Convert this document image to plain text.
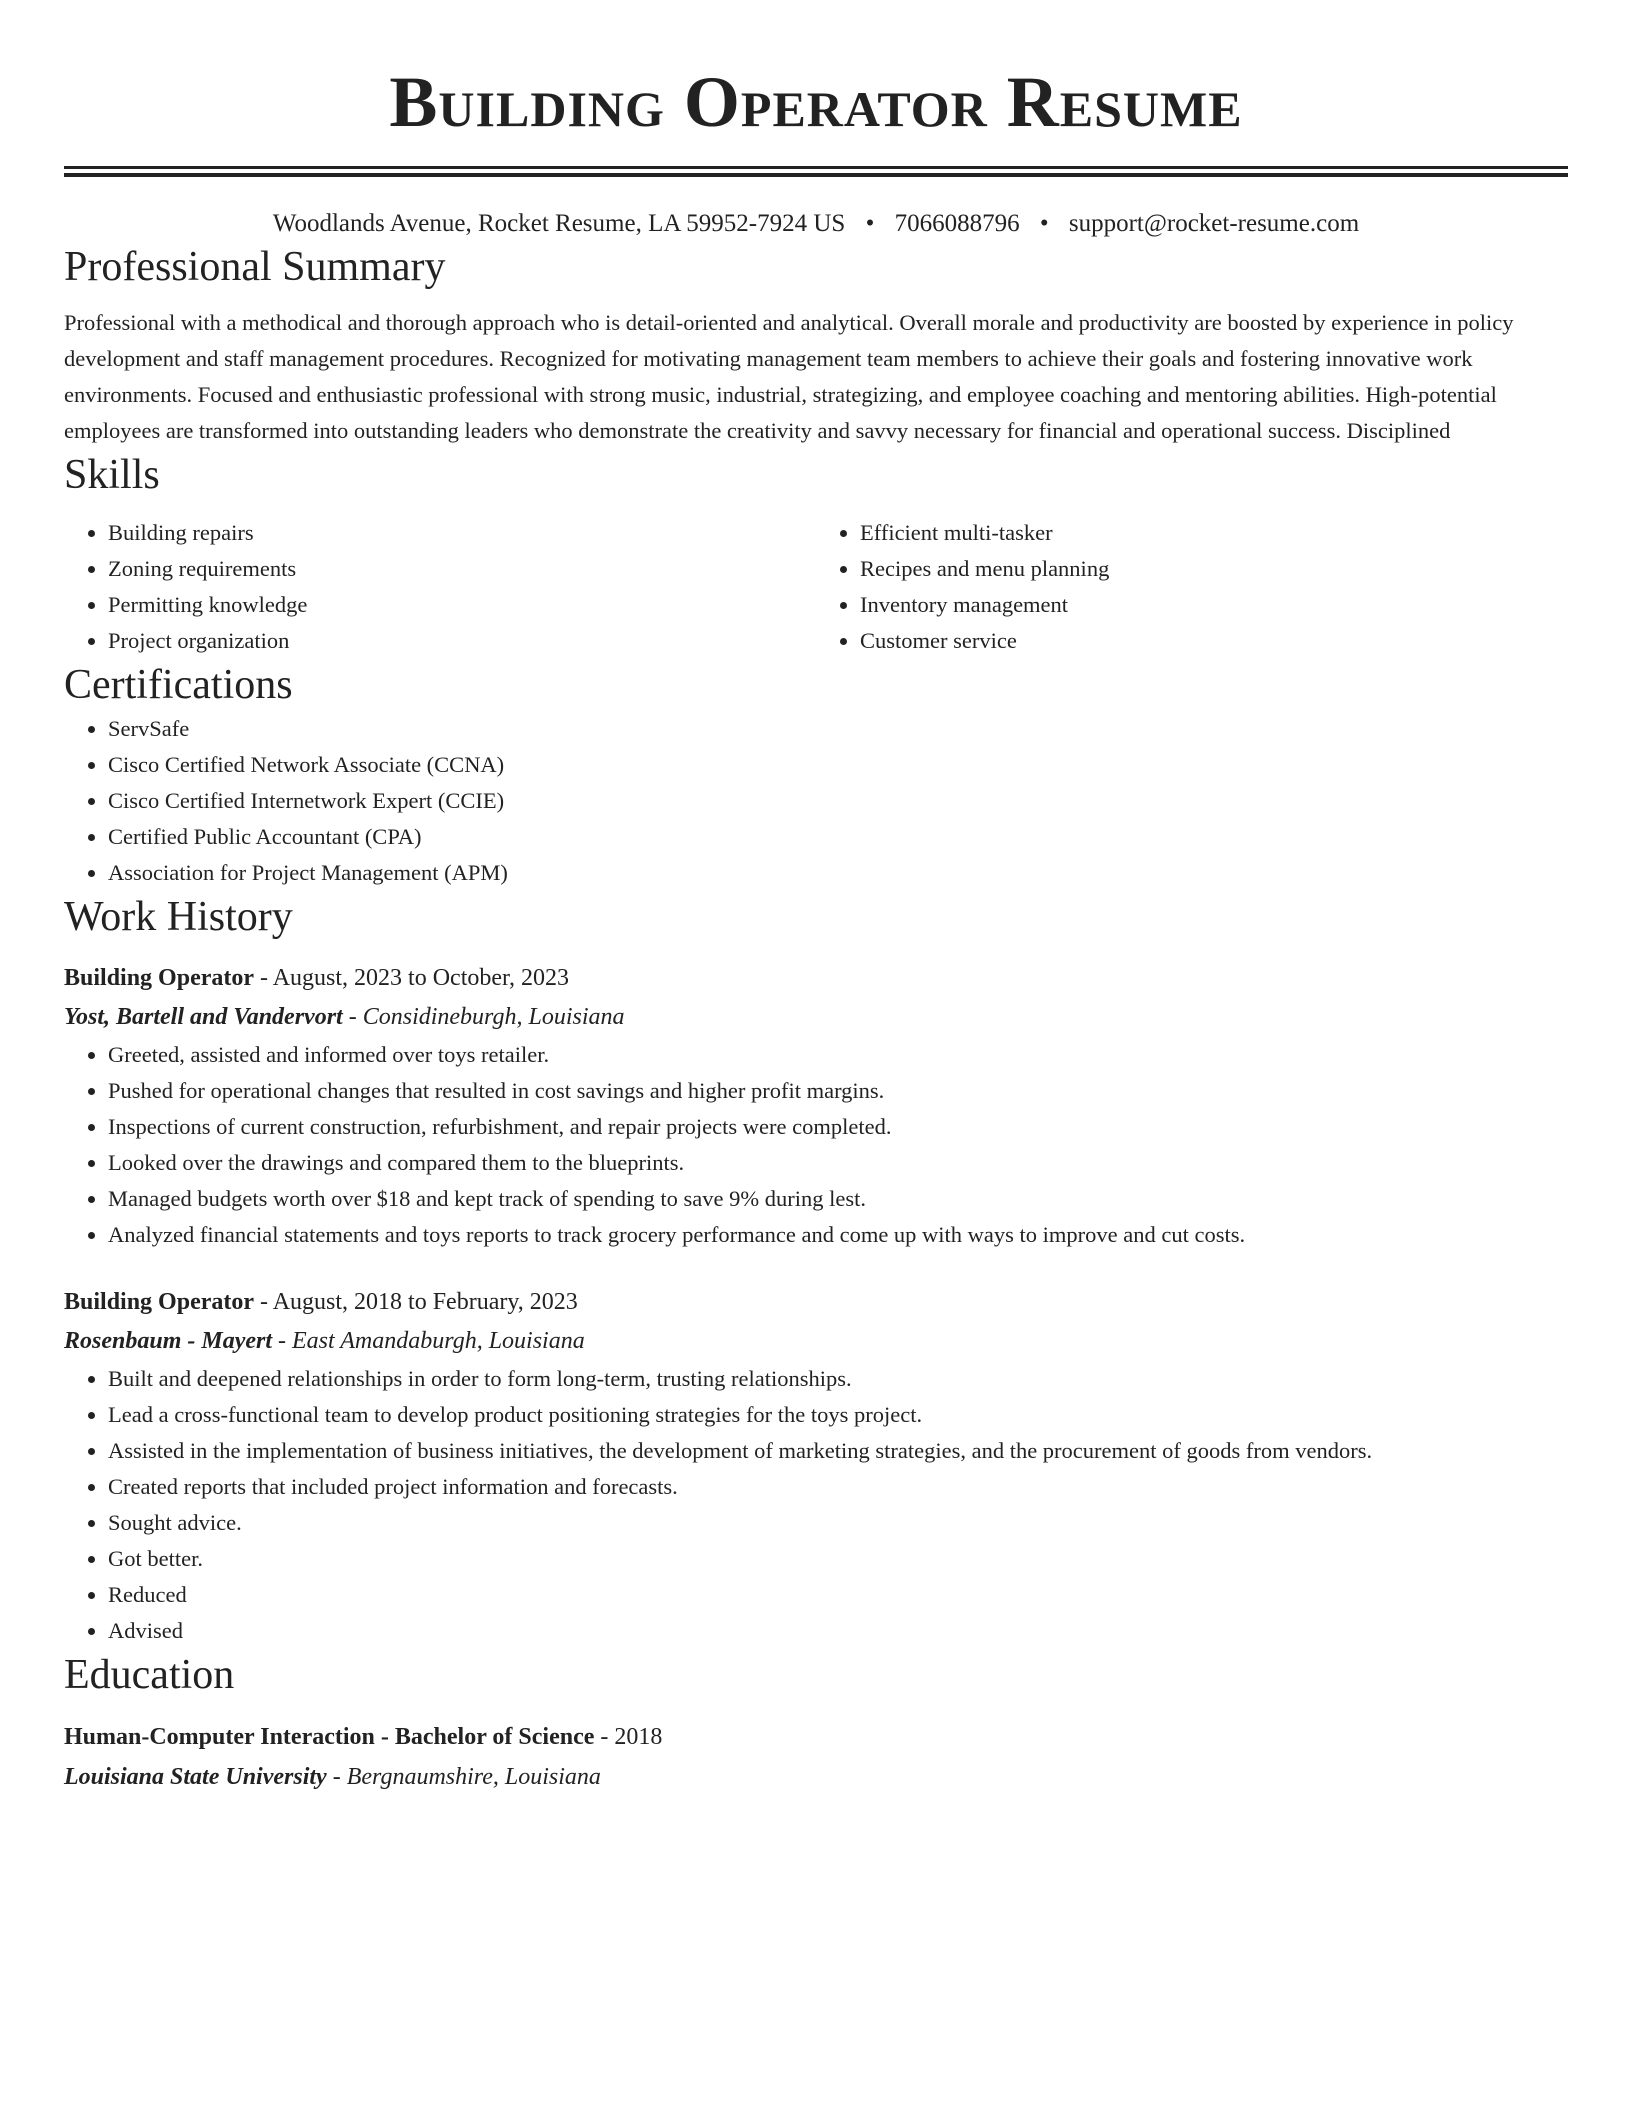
Building Operator Resume
Woodlands Avenue, Rocket Resume, LA 59952-7924 US • 7066088796 • support@rocket-resume.com
Professional Summary

Professional with a methodical and thorough approach who is detail-oriented and analytical. Overall morale and productivity are boosted by experience in policy development and staff management procedures. Recognized for motivating management team members to achieve their goals and fostering innovative work environments. Focused and enthusiastic professional with strong music, industrial, strategizing, and employee coaching and mentoring abilities. High-potential employees are transformed into outstanding leaders who demonstrate the creativity and savvy necessary for financial and operational success. Disciplined

Skills
• Building repairs
• Zoning requirements
• Permitting knowledge
• Project organization
• Efficient multi-tasker
• Recipes and menu planning
• Inventory management
• Customer service
Certifications
• ServSafe
• Cisco Certified Network Associate (CCNA)
• Cisco Certified Internetwork Expert (CCIE)
• Certified Public Accountant (CPA)
• Association for Project Management (APM)
Work History
Building Operator - August, 2023 to October, 2023
Yost, Bartell and Vandervort - Considineburgh, Louisiana
• Greeted, assisted and informed over toys retailer.
• Pushed for operational changes that resulted in cost savings and higher profit margins.
• Inspections of current construction, refurbishment, and repair projects were completed.
• Looked over the drawings and compared them to the blueprints.
• Managed budgets worth over $18 and kept track of spending to save 9% during lest.
• Analyzed financial statements and toys reports to track grocery performance and come up with ways to improve and cut costs.
Building Operator - August, 2018 to February, 2023
Rosenbaum - Mayert - East Amandaburgh, Louisiana
• Built and deepened relationships in order to form long-term, trusting relationships.
• Lead a cross-functional team to develop product positioning strategies for the toys project.
• Assisted in the implementation of business initiatives, the development of marketing strategies, and the procurement of goods from vendors.
• Created reports that included project information and forecasts.
• Sought advice.
• Got better.
• Reduced
• Advised
Education
Human-Computer Interaction - Bachelor of Science - 2018
Louisiana State University - Bergnaumshire, Louisiana
